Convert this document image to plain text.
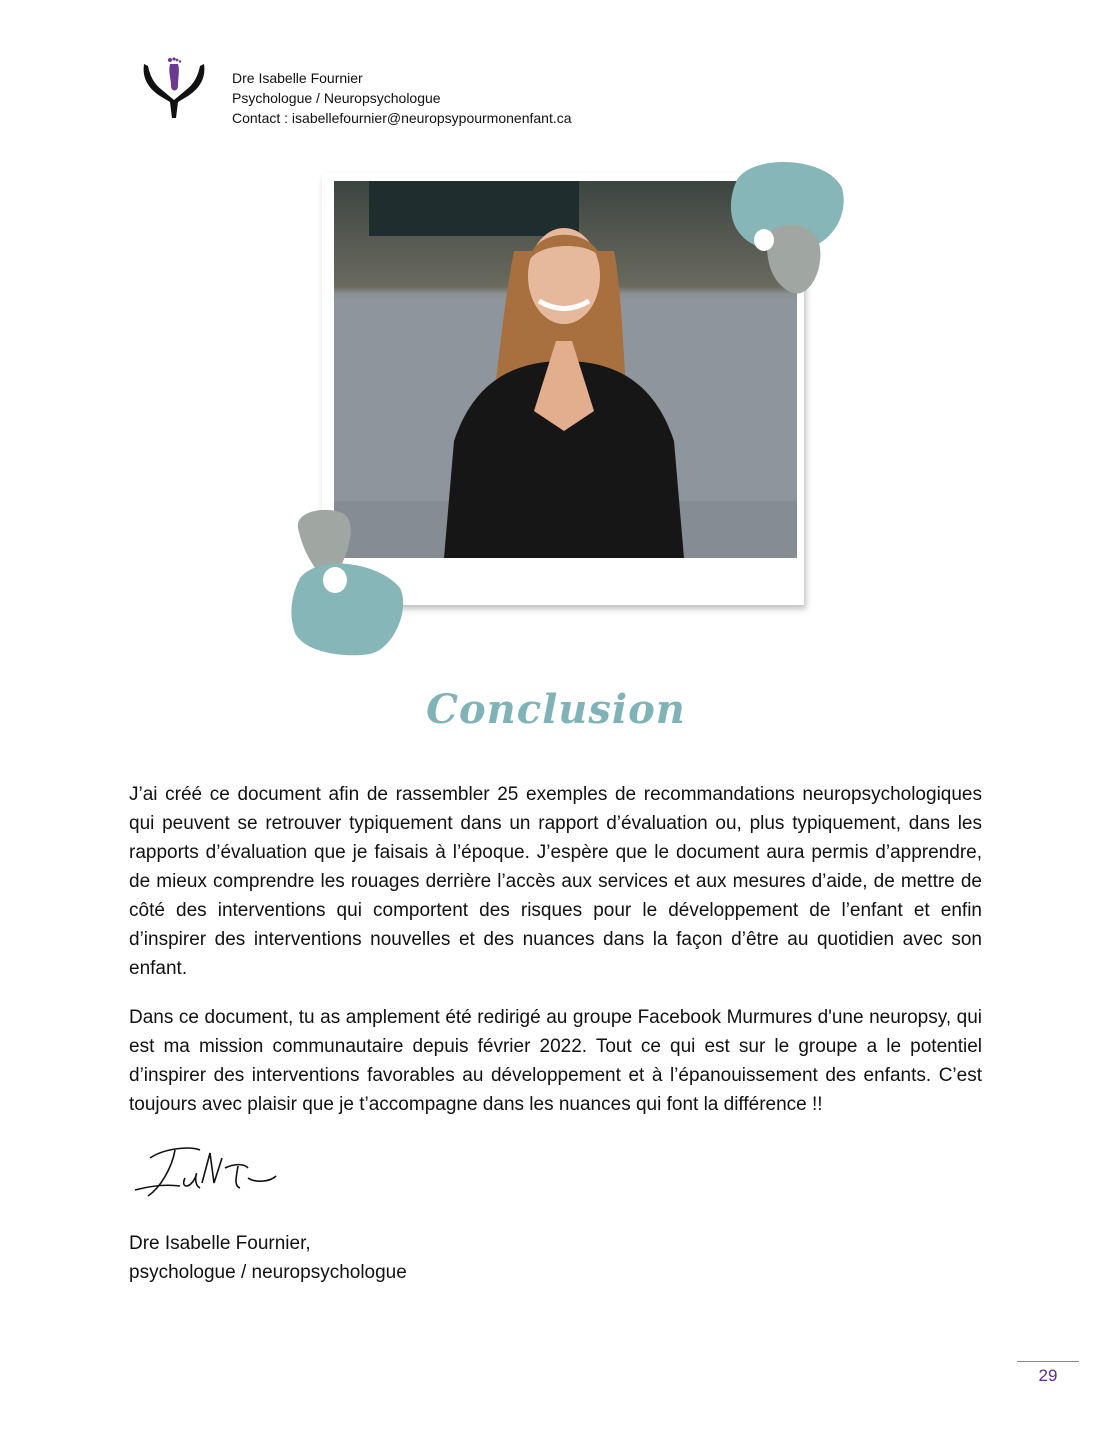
Dre Isabelle Fournier
Psychologue / Neuropsychologue
Contact : isabellefournier@neuropsypourmonenfant.ca
Conclusion

J’ai créé ce document afin de rassembler 25 exemples de recommandations neuropsychologiques qui peuvent se retrouver typiquement dans un rapport d’évaluation ou, plus typiquement, dans les rapports d’évaluation que je faisais à l’époque. J’espère que le document aura permis d’apprendre, de mieux comprendre les rouages derrière l’accès aux services et aux mesures d’aide, de mettre de côté des interventions qui comportent des risques pour le développement de l’enfant et enfin d’inspirer des interventions nouvelles et des nuances dans la façon d’être au quotidien avec son enfant.

Dans ce document, tu as amplement été redirigé au groupe Facebook Murmures d'une neuropsy, qui est ma mission communautaire depuis février 2022. Tout ce qui est sur le groupe a le potentiel d’inspirer des interventions favorables au développement et à l’épanouissement des enfants. C’est toujours avec plaisir que je t’accompagne dans les nuances qui font la différence !!

Dre Isabelle Fournier,
psychologue / neuropsychologue
29
